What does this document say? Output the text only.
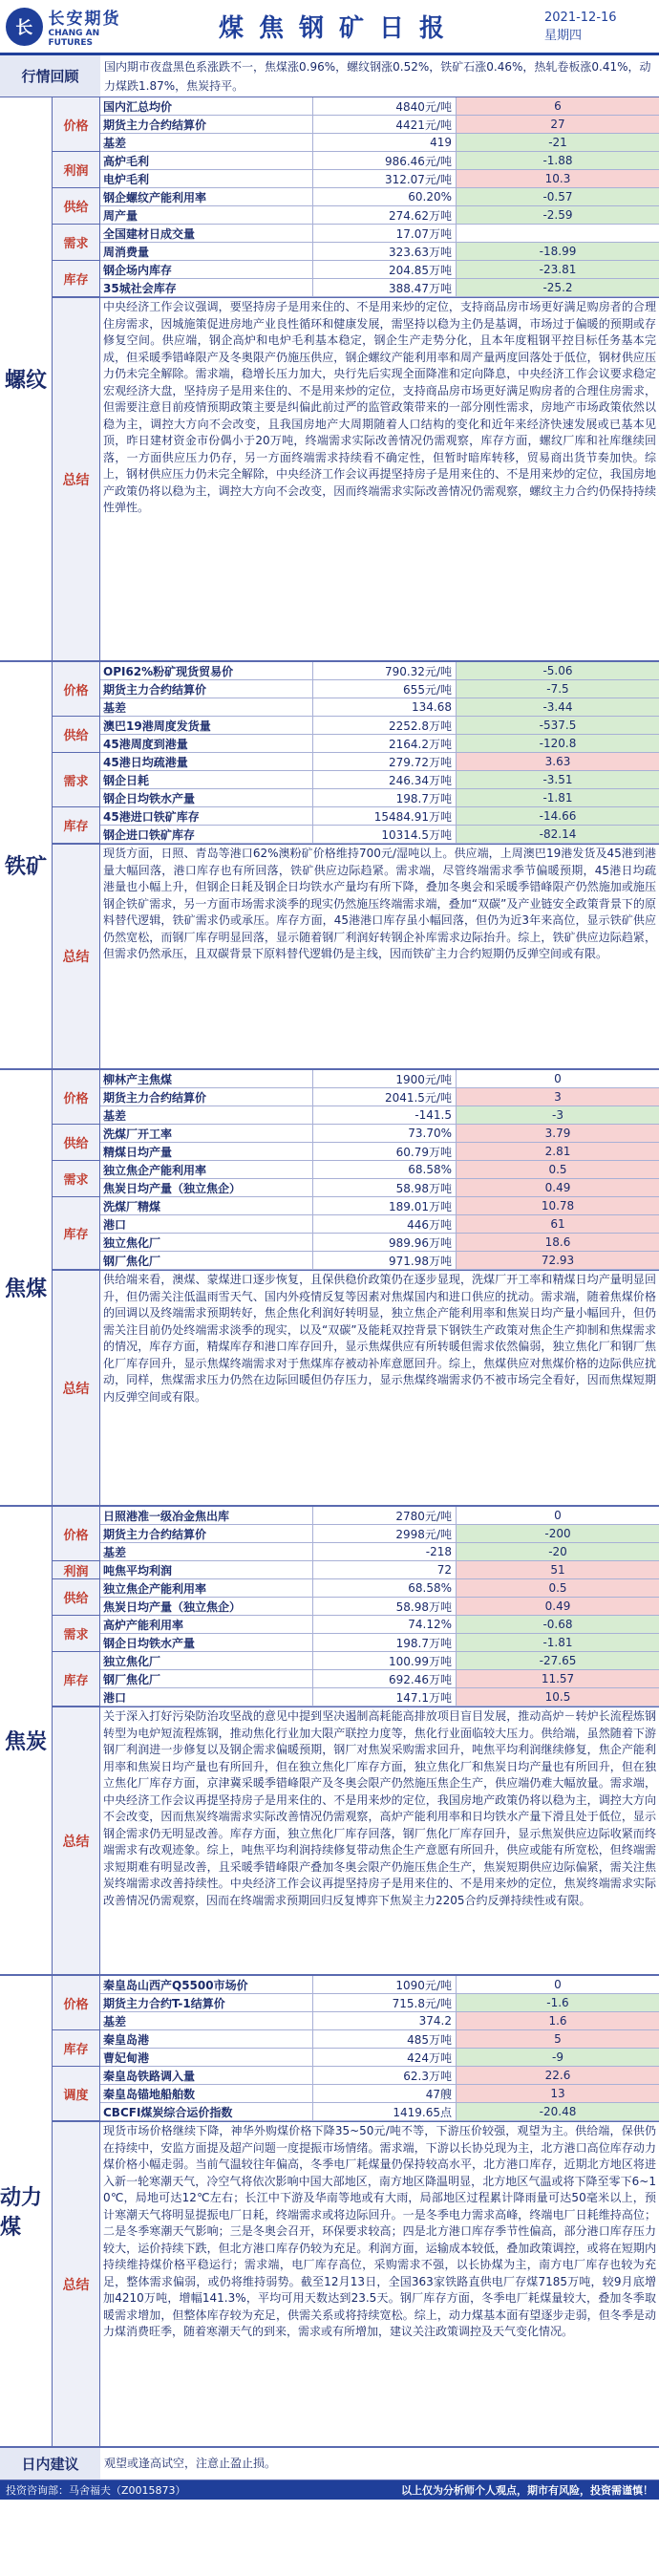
长 长安期货
CHANG AN FUTURES	煤焦钢矿日报	2021-12-16
星期四
行情回顾
国内期市夜盘黑色系涨跌不一，焦煤涨0.96%，螺纹钢涨0.52%，铁矿石涨0.46%，热轧卷板涨0.41%，动力煤跌1.87%，焦炭持平。
螺纹
价格
利润
供给
需求
库存
国内汇总均价	4840元/吨	6
期货主力合约结算价	4421元/吨	27
基差	419	-21
高炉毛利	986.46元/吨	-1.88
电炉毛利	312.07元/吨	10.3
钢企螺纹产能利用率	60.20%	-0.57
周产量	274.62万吨	-2.59
全国建材日成交量	17.07万吨
周消费量	323.63万吨	-18.99
钢企场内库存	204.85万吨	-23.81
35城社会库存	388.47万吨	-25.2
总结
中央经济工作会议强调，要坚持房子是用来住的、不是用来炒的定位，支持商品房市场更好满足购房者的合理住房需求，因城施策促进房地产业良性循环和健康发展，需坚持以稳为主仍是基调，市场过于偏暖的预期或存修复空间。供应端，钢企高炉和电炉毛利基本稳定，钢企生产走势分化，且本年度粗钢平控目标任务基本完成，但采暖季错峰限产及冬奥限产仍施压供应，钢企螺纹产能利用率和周产量两度回落处于低位，钢材供应压力仍未完全解除。需求端，稳增长压力加大，央行先后实现全面降准和定向降息，中央经济工作会议要求稳定宏观经济大盘，坚持房子是用来住的、不是用来炒的定位，支持商品房市场更好满足购房者的合理住房需求，但需要注意目前疫情预期政策主要是纠偏此前过严的监管政策带来的一部分刚性需求，房地产市场政策依然以稳为主，调控大方向不会改变，且我国房地产大周期随着人口结构的变化和近年来经济快速发展或已基本见顶，昨日建材资金市份偶小于20万吨，终端需求实际改善情况仍需观察，库存方面，螺纹厂库和社库继续回落，一方面供应压力仍存，另一方面终端需求持续看不确定性，但暂时暗库转移，贸易商出货节奏加快。综上，钢材供应压力仍未完全解除，中央经济工作会议再提坚持房子是用来住的、不是用来炒的定位，我国房地产政策仍将以稳为主，调控大方向不会改变，因而终端需求实际改善情况仍需观察，螺纹主力合约仍保持持续性弹性。
铁矿
价格
供给
需求
库存
OPI62%粉矿现货贸易价	790.32元/吨	-5.06
期货主力合约结算价	655元/吨	-7.5
基差	134.68	-3.44
澳巴19港周度发货量	2252.8万吨	-537.5
45港周度到港量	2164.2万吨	-120.8
45港日均疏港量	279.72万吨	3.63
钢企日耗	246.34万吨	-3.51
钢企日均铁水产量	198.7万吨	-1.81
45港进口铁矿库存	15484.91万吨	-14.66
钢企进口铁矿库存	10314.5万吨	-82.14
总结
现货方面，日照、青岛等港口62%澳粉矿价格维持700元/湿吨以上。供应端，上周澳巴19港发货及45港到港量大幅回落，港口库存也有所回落，铁矿供应边际趋紧。需求端，尽管终端需求季节偏暖预期，45港日均疏港量也小幅上升，但钢企日耗及钢企日均铁水产量均有所下降，叠加冬奥会和采暖季错峰限产仍然施加或施压钢企铁矿需求，另一方面市场需求淡季的现实仍然施压终端需求端，叠加“双碳”及产业链安全政策背景下的原料替代逻辑，铁矿需求仍或承压。库存方面，45港港口库存虽小幅回落，但仍为近3年来高位，显示铁矿供应仍然宽松，而钢厂库存明显回落，显示随着钢厂利润好转钢企补库需求边际抬升。综上，铁矿供应边际趋紧，但需求仍然承压，且双碳背景下原料替代逻辑仍是主线，因而铁矿主力合约短期仍反弹空间或有限。
焦煤
价格
供给
需求
库存
柳林产主焦煤	1900元/吨	0
期货主力合约结算价	2041.5元/吨	3
基差	-141.5	-3
洗煤厂开工率	73.70%	3.79
精煤日均产量	60.79万吨	2.81
独立焦企产能利用率	68.58%	0.5
焦炭日均产量（独立焦企）	58.98万吨	0.49
洗煤厂精煤	189.01万吨	10.78
港口	446万吨	61
独立焦化厂	989.96万吨	18.6
钢厂焦化厂	971.98万吨	72.93
总结
供给端来看，澳煤、蒙煤进口逐步恢复，且保供稳价政策仍在逐步显现，洗煤厂开工率和精煤日均产量明显回升，但仍需关注低温雨雪天气、国内外疫情反复等因素对焦煤国内和进口供应的扰动。需求端，随着焦煤价格的回调以及终端需求预期转好，焦企焦化利润好转明显，独立焦企产能利用率和焦炭日均产量小幅回升，但仍需关注目前仍处终端需求淡季的现实，以及“双碳”及能耗双控背景下钢铁生产政策对焦企生产抑制和焦煤需求的情况，库存方面，精煤库存和港口库存回升，显示焦煤供应有所转暖但需求依然偏弱，独立焦化厂和钢厂焦化厂库存回升，显示焦煤终端需求对于焦煤库存被动补库意愿回升。综上，焦煤供应对焦煤价格的边际供应扰动，同样，焦煤需求压力仍然在边际回暖但仍存压力，显示焦煤终端需求仍不被市场完全看好，因而焦煤短期内反弹空间或有限。
焦炭
价格
利润
供给
需求
库存
日照港准一级冶金焦出库	2780元/吨	0
期货主力合约结算价	2998元/吨	-200
基差	-218	-20
吨焦平均利润	72	51
独立焦企产能利用率	68.58%	0.5
焦炭日均产量（独立焦企）	58.98万吨	0.49
高炉产能利用率	74.12%	-0.68
钢企日均铁水产量	198.7万吨	-1.81
独立焦化厂	100.99万吨	-27.65
钢厂焦化厂	692.46万吨	11.57
港口	147.1万吨	10.5
总结
关于深入打好污染防治攻坚战的意见中提到坚决遏制高耗能高排放项目盲目发展，推动高炉－转炉长流程炼钢转型为电炉短流程炼钢，推动焦化行业加大限产联控力度等，焦化行业面临较大压力。供给端，虽然随着下游钢厂利润进一步修复以及钢企需求偏暖预期，钢厂对焦炭采购需求回升，吨焦平均利润继续修复，焦企产能利用率和焦炭日均产量也有所回升，但在独立焦化厂库存方面，独立焦化厂和焦炭日均产量也有所回升，但在独立焦化厂库存方面，京津冀采暖季错峰限产及冬奥会限产仍然施压焦企生产，供应端仍难大幅放量。需求端，中央经济工作会议再提坚持房子是用来住的、不是用来炒的定位，我国房地产政策仍将以稳为主，调控大方向不会改变，因而焦炭终端需求实际改善情况仍需观察，高炉产能利用率和日均铁水产量下滑且处于低位，显示钢企需求仍无明显改善。库存方面，独立焦化厂库存回落，钢厂焦化厂库存回升，显示焦炭供应边际收紧而终端需求有改观迹象。综上，吨焦平均利润持续修复带动焦企生产意愿有所回升，供应或能有所宽松，但终端需求短期难有明显改善，且采暖季错峰限产叠加冬奥会限产仍施压焦企生产，焦炭短期供应边际偏紧，需关注焦炭终端需求改善持续性。中央经济工作会议再提坚持房子是用来住的、不是用来炒的定位，焦炭终端需求实际改善情况仍需观察，因而在终端需求预期回归反复博弈下焦炭主力2205合约反弹持续性或有限。
动力煤
价格
库存
调度
秦皇岛山西产Q5500市场价	1090元/吨	0
期货主力合约T-1结算价	715.8元/吨	-1.6
基差	374.2	1.6
秦皇岛港	485万吨	5
曹妃甸港	424万吨	-9
秦皇岛铁路调入量	62.3万吨	22.6
秦皇岛锚地船舶数	47艘	13
CBCFI煤炭综合运价指数	1419.65点	-20.48
总结
现货市场价格继续下降，神华外购煤价格下降35~50元/吨不等，下游压价较强，观望为主。供给端，保供仍在持续中，安监方面提及超产问题一度提振市场情绪。需求端，下游以长协兑现为主，北方港口高位库存动力煤价格小幅走弱。当前气温较往年偏高，冬季电厂耗煤量仍保持较高水平，北方港口库存，近期北方地区将进入新一轮寒潮天气，冷空气将依次影响中国大部地区，南方地区降温明显，北方地区气温或将下降至零下6~10℃，局地可达12℃左右；长江中下游及华南等地或有大雨，局部地区过程累计降雨量可达50毫米以上，预计寒潮天气将明显提振电厂日耗，终端需求或将边际回升。一是冬季电力需求高峰，终端电厂日耗维持高位；二是冬季寒潮天气影响；三是冬奥会召开，环保要求较高；四是北方港口库存季节性偏高，部分港口库存压力较大，运价持续下跌，但北方港口库存仍较为充足。利润方面，运输成本较低，叠加政策调控，或将在短期内持续维持煤价格平稳运行；需求端，电厂库存高位，采购需求不强，以长协煤为主，南方电厂库存也较为充足，整体需求偏弱，或仍将维持弱势。截至12月13日，全国363家铁路直供电厂存煤7185万吨，较9月底增加4210万吨，增幅141.3%，平均可用天数达到23.5天。钢厂库存方面，冬季电厂耗煤量较大，叠加冬季取暖需求增加，但整体库存较为充足，供需关系或将持续宽松。综上，动力煤基本面有望逐步走弱，但冬季是动力煤消费旺季，随着寒潮天气的到来，需求或有所增加，建议关注政策调控及天气变化情况。
日内建议	观望或逢高试空，注意止盈止损。
投资咨询部：马舍福夫（Z0015873）	以上仅为分析师个人观点，期市有风险，投资需谨慎！
